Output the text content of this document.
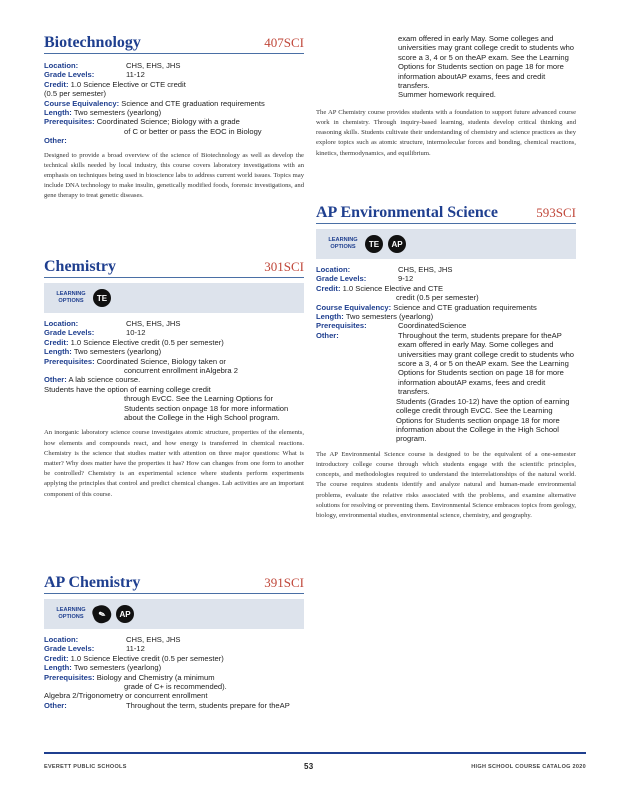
Biotechnology	407SCI
Location:	CHS, EHS, JHS
Grade Levels:	11-12
Credit: 1.0 Science Elective or CTE credit
(0.5 per semester)
Course Equivalency: Science and CTE graduation requirements
Length: Two semesters (yearlong)
Prerequisites: Coordinated Science; Biology with a grade
of C or better or pass the EOC in Biology
Other:
Designed to provide a broad overview of the science of Biotechnology as well as develop the technical skills needed by local industry, this course covers laboratory investigations with an emphasis on techniques being used in bioscience labs to address current world issues. Topics may include DNA technology to make insulin, genetically modified foods, forensic investigations, and gene therapy to treat genetic diseases.
Chemistry	301SCI
LEARNING OPTIONS	TE
Location:	CHS, EHS, JHS
Grade Levels:	10-12
Credit: 1.0 Science Elective credit (0.5 per semester)
Length: Two semesters (yearlong)
Prerequisites: Coordinated Science, Biology taken or
concurrent enrollment inAlgebra 2
Other: A lab science course.
Students have the option of earning college credit
through EvCC. See the Learning Options for Students section onpage 18 for more information about the College in the High School program.
An inorganic laboratory science course investigates atomic structure, properties of the elements, how elements and compounds react, and how energy is transferred in chemical reactions. Chemistry is the science that studies matter with attention on three major questions: What is matter? Why does matter have the properties it has? How can changes from one form to another be controlled? Chemistry is an experimental science where students perform experiments applying the principles that control and predict chemical changes. Lab activities are an important component of this course.
AP Chemistry	391SCI
LEARNING OPTIONS	✎	AP
Location:	CHS, EHS, JHS
Grade Levels:	11-12
Credit: 1.0 Science Elective credit (0.5 per semester)
Length: Two semesters (yearlong)
Prerequisites: Biology and Chemistry (a minimum
grade of C+ is recommended).
Algebra 2/Trigonometry or concurrent enrollment
Other:	Throughout the term, students prepare for theAP
exam offered in early May. Some colleges and universities may grant college credit to students who score a 3, 4 or 5 on theAP exam. See the Learning Options for Students section on page 18 for more information aboutAP exams, fees and credit transfers.
Summer homework required.
The AP Chemistry course provides students with a foundation to support future advanced course work in chemistry. Through inquiry-based learning, students develop critical thinking and reasoning skills. Students cultivate their understanding of chemistry and science practices as they explore topics such as atomic structure, intermolecular forces and bonding, chemical reactions, kinetics, thermodynamics, and equilibrium.
AP Environmental Science	593SCI
LEARNING OPTIONS	TE	AP
Location:	CHS, EHS, JHS
Grade Levels:	9-12
Credit: 1.0 Science Elective and CTE
credit (0.5 per semester)
Course Equivalency: Science and CTE graduation requirements
Length: Two semesters (yearlong)
Prerequisites:	CoordinatedScience
Other:	Throughout the term, students prepare for theAP exam offered in early May. Some colleges and universities may grant college credit to students who score a 3, 4 or 5 on theAP exam. See the Learning Options for Students section on page 18 for more information aboutAP exams, fees and credit transfers.
Students (Grades 10-12) have the option of earning college credit through EvCC. See the Learning Options for Students section onpage 18 for more information about the College in the High School program.
The AP Environmental Science course is designed to be the equivalent of a one-semester introductory college course through which students engage with the scientific principles, concepts, and methodologies required to understand the interrelationships of the natural world. The course requires students identify and analyze natural and human-made environmental problems, evaluate the relative risks associated with the problems, and examine alternative solutions for resolving or preventing them. Environmental Science embraces topics from geology, biology, environmental studies, environmental science, chemistry, and geography.
EVERETT PUBLIC SCHOOLS	53	HIGH SCHOOL COURSE CATALOG 2020
